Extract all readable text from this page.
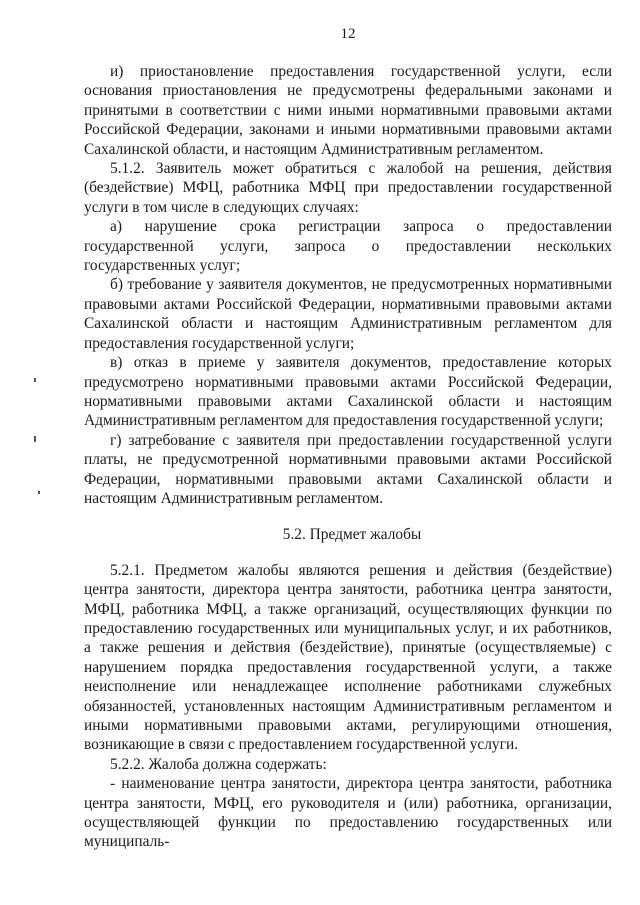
12

и) приостановление предоставления государственной услуги, если основания приостановления не предусмотрены федеральными законами и принятыми в соответствии с ними иными нормативными правовыми актами Российской Федерации, законами и иными нормативными правовыми актами Сахалинской области, и настоящим Административным регламентом.

5.1.2. Заявитель может обратиться с жалобой на решения, действия (бездействие) МФЦ, работника МФЦ при предоставлении государственной услуги в том числе в следующих случаях:

а) нарушение срока регистрации запроса о предоставлении государственной услуги, запроса о предоставлении нескольких государственных услуг;

б) требование у заявителя документов, не предусмотренных нормативными правовыми актами Российской Федерации, нормативными правовыми актами Сахалинской области и настоящим Административным регламентом для предоставления государственной услуги;

в) отказ в приеме у заявителя документов, предоставление которых предусмотрено нормативными правовыми актами Российской Федерации, нормативными правовыми актами Сахалинской области и настоящим Административным регламентом для предоставления государственной услуги;

г) затребование с заявителя при предоставлении государственной услуги платы, не предусмотренной нормативными правовыми актами Российской Федерации, нормативными правовыми актами Сахалинской области и настоящим Административным регламентом.

5.2. Предмет жалобы

5.2.1. Предметом жалобы являются решения и действия (бездействие) центра занятости, директора центра занятости, работника центра занятости, МФЦ, работника МФЦ, а также организаций, осуществляющих функции по предоставлению государственных или муниципальных услуг, и их работников, а также решения и действия (бездействие), принятые (осуществляемые) с нарушением порядка предоставления государственной услуги, а также неисполнение или ненадлежащее исполнение работниками служебных обязанностей, установленных настоящим Административным регламентом и иными нормативными правовыми актами, регулирующими отношения, возникающие в связи с предоставлением государственной услуги.

5.2.2. Жалоба должна содержать:

- наименование центра занятости, директора центра занятости, работника центра занятости, МФЦ, его руководителя и (или) работника, организации, осуществляющей функции по предоставлению государственных или муниципаль-
